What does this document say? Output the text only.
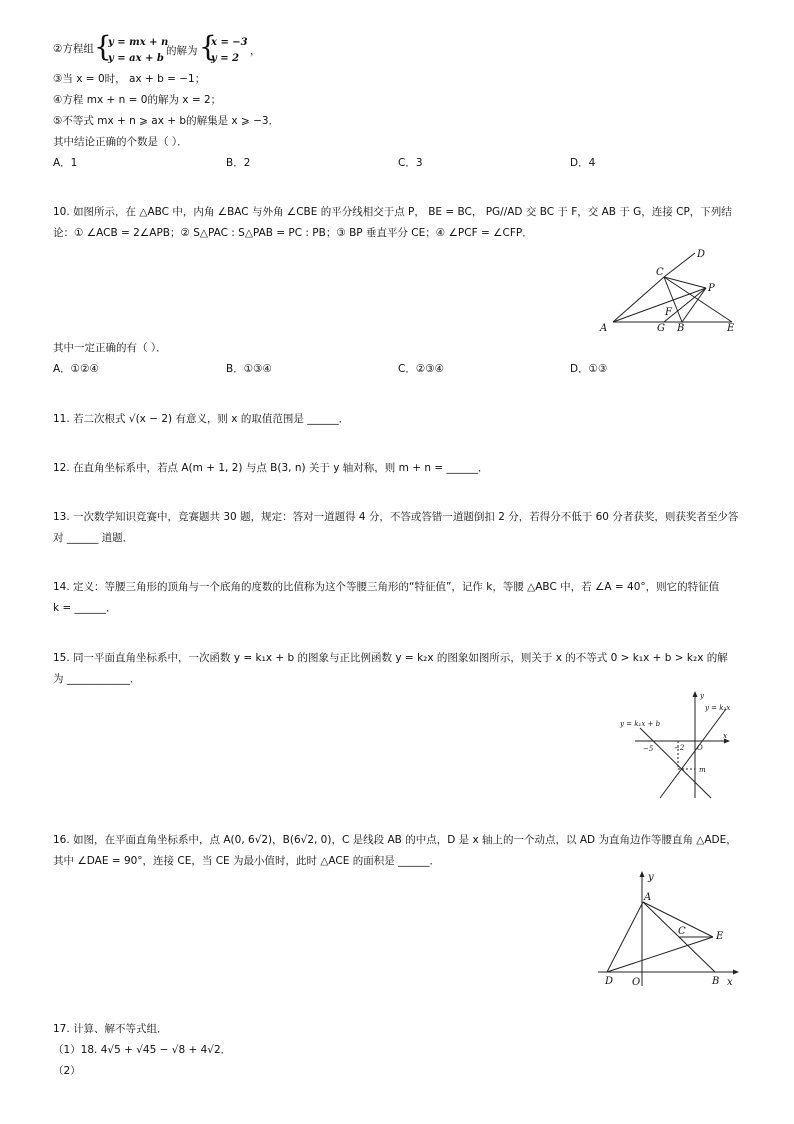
②方程组 {
y = mx + n
y = ax + b
的解为 {
x = −3
y = 2
，
③当 x = 0时， ax + b = −1；
④方程 mx + n = 0的解为 x = 2；
⑤不等式 mx + n ⩾ ax + b的解集是 x ⩾ −3．
其中结论正确的个数是（ ）．
A．1	B．2	C．3	D．4
10. 如图所示，在 △ABC 中，内角 ∠BAC 与外角 ∠CBE 的平分线相交于点 P， BE = BC， PG//AD 交 BC 于 F，交 AB 于 G，连接 CP，下列结
论：① ∠ACB = 2∠APB；② S△PAC : S△PAB = PC : PB；③ BP 垂直平分 CE；④ ∠PCF = ∠CFP．
A
C
D
P
F
G B	E
其中一定正确的有（ ）．
A．①②④	B．①③④	C．②③④	D．①③
11. 若二次根式 √(x − 2) 有意义，则 x 的取值范围是 ______．
12. 在直角坐标系中，若点 A(m + 1, 2) 与点 B(3, n) 关于 y 轴对称，则 m + n = ______．
13. 一次数学知识竞赛中，竞赛题共 30 题，规定：答对一道题得 4 分，不答或答错一道题倒扣 2 分，若得分不低于 60 分者获奖，则获奖者至少答
对 ______ 道题．
14. 定义：等腰三角形的顶角与一个底角的度数的比值称为这个等腰三角形的“特征值”，记作 k，等腰 △ABC 中，若 ∠A = 40°，则它的特征值
k = ______．
15. 同一平面直角坐标系中，一次函数 y = k₁x + b 的图象与正比例函数 y = k₂x 的图象如图所示，则关于 x 的不等式 0 > k₁x + b > k₂x 的解
为 ____________．
y
x
y = k₂x
y = k₁x + b
−5	−2 O
m
16. 如图，在平面直角坐标系中，点 A(0, 6√2)，B(6√2, 0)，C 是线段 AB 的中点，D 是 x 轴上的一个动点，以 AD 为直角边作等腰直角 △ADE，
其中 ∠DAE = 90°，连接 CE，当 CE 为最小值时，此时 △ACE 的面积是 ______．
y
A
C	E
D O	B x
17. 计算、解不等式组．
（1）18. 4√5 + √45 − √8 + 4√2．
（2）
